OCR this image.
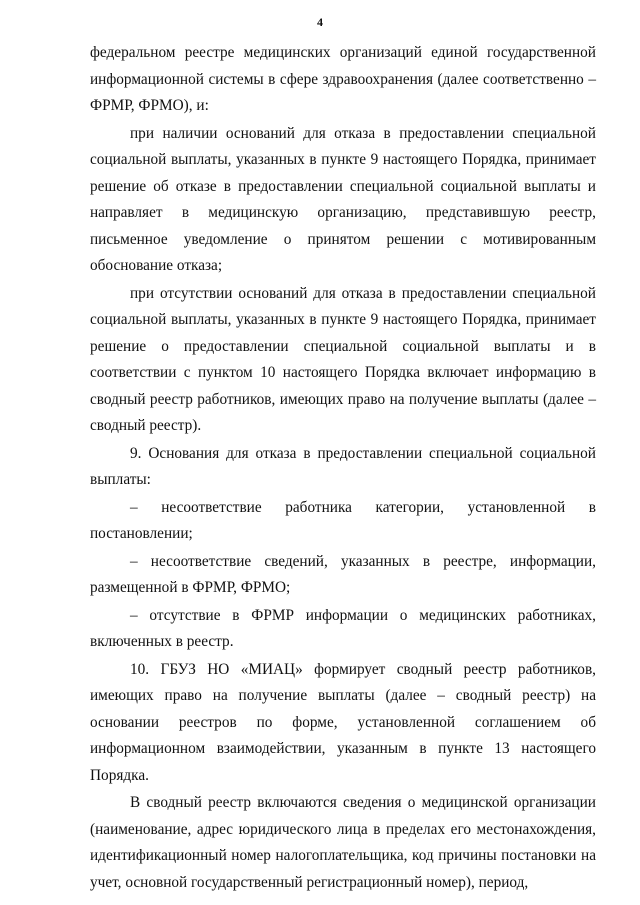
4

федеральном реестре медицинских организаций единой государственной информационной системы в сфере здравоохранения (далее соответственно – ФРМР, ФРМО), и:

при наличии оснований для отказа в предоставлении специальной социальной выплаты, указанных в пункте 9 настоящего Порядка, принимает решение об отказе в предоставлении специальной социальной выплаты и направляет в медицинскую организацию, представившую реестр, письменное уведомление о принятом решении с мотивированным обоснование отказа;

при отсутствии оснований для отказа в предоставлении специальной социальной выплаты, указанных в пункте 9 настоящего Порядка, принимает решение о предоставлении специальной социальной выплаты и в соответствии с пунктом 10 настоящего Порядка включает информацию в сводный реестр работников, имеющих право на получение выплаты (далее – сводный реестр).

9. Основания для отказа в предоставлении специальной социальной выплаты:

– несоответствие работника категории, установленной в постановлении;

– несоответствие сведений, указанных в реестре, информации, размещенной в ФРМР, ФРМО;

– отсутствие в ФРМР информации о медицинских работниках, включенных в реестр.

10. ГБУЗ НО «МИАЦ» формирует сводный реестр работников, имеющих право на получение выплаты (далее – сводный реестр) на основании реестров по форме, установленной соглашением об информационном взаимодействии, указанным в пункте 13 настоящего Порядка.

В сводный реестр включаются сведения о медицинской организации (наименование, адрес юридического лица в пределах его местонахождения, идентификационный номер налогоплательщика, код причины постановки на учет, основной государственный регистрационный номер), период,
